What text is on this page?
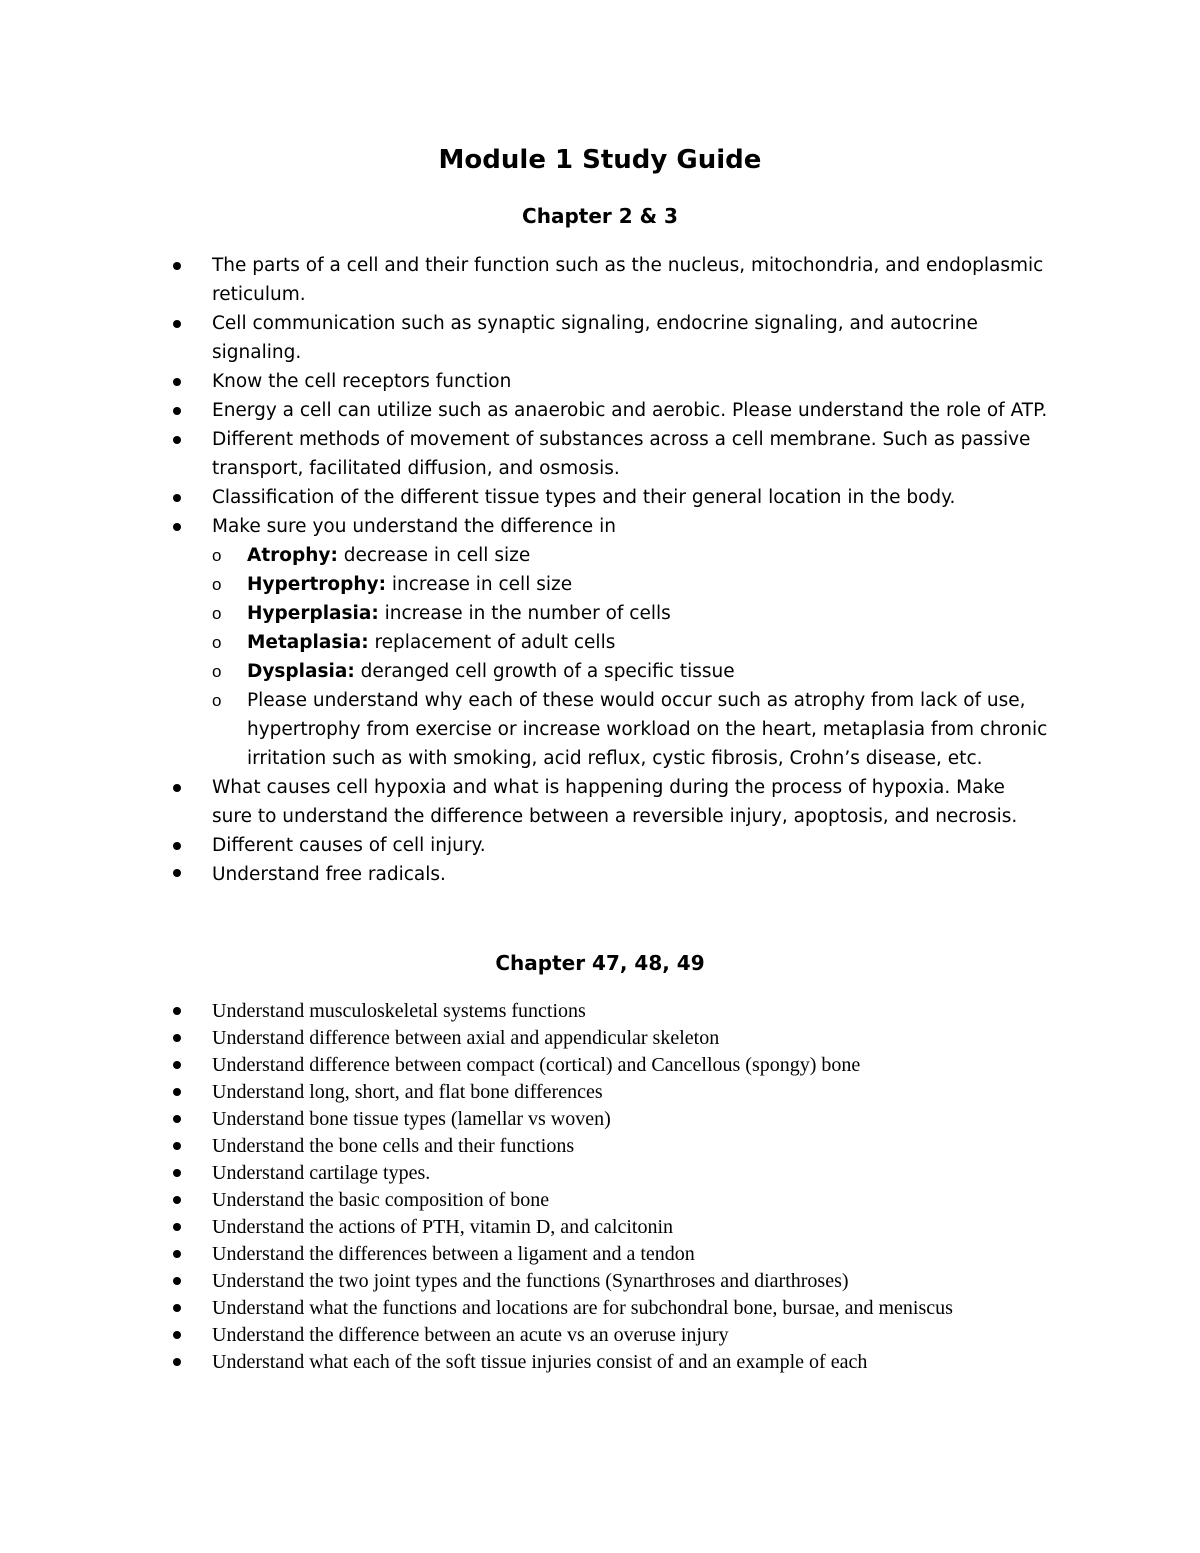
Module 1 Study Guide
Chapter 2 & 3
The parts of a cell and their function such as the nucleus, mitochondria, and endoplasmic reticulum.
Cell communication such as synaptic signaling, endocrine signaling, and autocrine signaling.
Know the cell receptors function
Energy a cell can utilize such as anaerobic and aerobic. Please understand the role of ATP.
Different methods of movement of substances across a cell membrane. Such as passive transport, facilitated diffusion, and osmosis.
Classification of the different tissue types and their general location in the body.
Make sure you understand the difference in
o Atrophy: decrease in cell size
o Hypertrophy: increase in cell size
o Hyperplasia: increase in the number of cells
o Metaplasia: replacement of adult cells
o Dysplasia: deranged cell growth of a specific tissue
o Please understand why each of these would occur such as atrophy from lack of use, hypertrophy from exercise or increase workload on the heart, metaplasia from chronic irritation such as with smoking, acid reflux, cystic fibrosis, Crohn’s disease, etc.
What causes cell hypoxia and what is happening during the process of hypoxia. Make sure to understand the difference between a reversible injury, apoptosis, and necrosis.
Different causes of cell injury.
Understand free radicals.
Chapter 47, 48, 49
Understand musculoskeletal systems functions
Understand difference between axial and appendicular skeleton
Understand difference between compact (cortical) and Cancellous (spongy) bone
Understand long, short, and flat bone differences
Understand bone tissue types (lamellar vs woven)
Understand the bone cells and their functions
Understand cartilage types.
Understand the basic composition of bone
Understand the actions of PTH, vitamin D, and calcitonin
Understand the differences between a ligament and a tendon
Understand the two joint types and the functions (Synarthroses and diarthroses)
Understand what the functions and locations are for subchondral bone, bursae, and meniscus
Understand the difference between an acute vs an overuse injury
Understand what each of the soft tissue injuries consist of and an example of each
